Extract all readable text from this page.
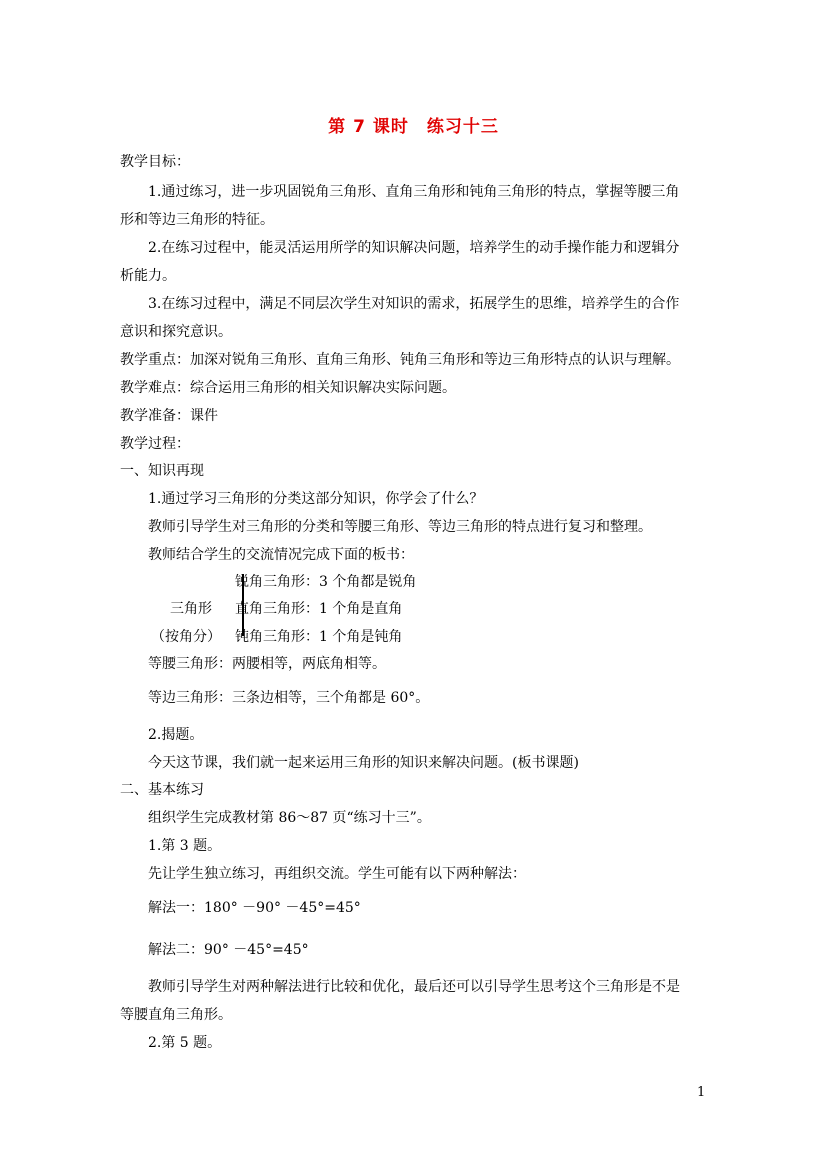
第 7 课时　练习十三
教学目标：
1.通过练习，进一步巩固锐角三角形、直角三角形和钝角三角形的特点，掌握等腰三角
形和等边三角形的特征。
2.在练习过程中，能灵活运用所学的知识解决问题，培养学生的动手操作能力和逻辑分
析能力。
3.在练习过程中，满足不同层次学生对知识的需求，拓展学生的思维，培养学生的合作
意识和探究意识。
教学重点：加深对锐角三角形、直角三角形、钝角三角形和等边三角形特点的认识与理解。
教学难点：综合运用三角形的相关知识解决实际问题。
教学准备：课件
教学过程：
一、知识再现
1.通过学习三角形的分类这部分知识，你学会了什么？
教师引导学生对三角形的分类和等腰三角形、等边三角形的特点进行复习和整理。
教师结合学生的交流情况完成下面的板书：
锐角三角形：3 个角都是锐角
三角形 直角三角形：1 个角是直角
（按角分） 钝角三角形：1 个角是钝角
等腰三角形：两腰相等，两底角相等。
等边三角形：三条边相等，三个角都是 60°。
2.揭题。
今天这节课，我们就一起来运用三角形的知识来解决问题。(板书课题)
二、基本练习
组织学生完成教材第 86～87 页“练习十三”。
1.第 3 题。
先让学生独立练习，再组织交流。学生可能有以下两种解法：
解法一：180° －90° －45°=45°
解法二：90° －45°=45°
教师引导学生对两种解法进行比较和优化，最后还可以引导学生思考这个三角形是不是
等腰直角三角形。
2.第 5 题。
1
